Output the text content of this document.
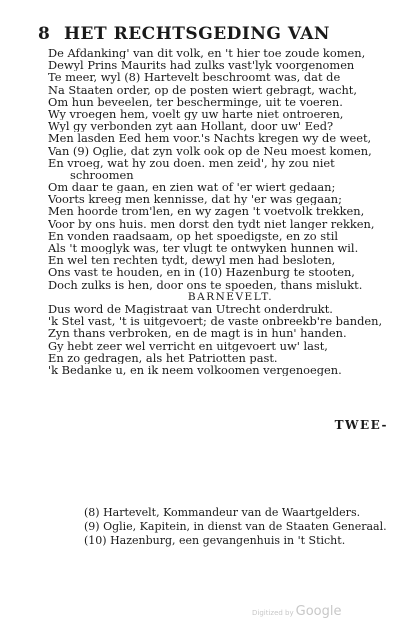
8 HET RECHTSGEDING VAN
De Afdanking' van dit volk, en 't hier toe zoude komen,
Dewyl Prins Maurits had zulks vast'lyk voorgenomen
Te meer, wyl (8) Hartevelt beschroomt was, dat de
Na Staaten order, op de posten wiert gebragt, wacht,
Om hun beveelen, ter bescherminge, uit te voeren.
Wy vroegen hem, voelt gy uw harte niet ontroeren,
Wyl gy verbonden zyt aan Hollant, door uw' Eed?
Men lasden Eed hem voor.'s Nachts kregen wy de weet,
Van (9) Oglie, dat zyn volk ook op de Neu moest komen,
En vroeg, wat hy zou doen. men zeid', hy zou niet
schroomen
Om daar te gaan, en zien wat of 'er wiert gedaan;
Voorts kreeg men kennisse, dat hy 'er was gegaan;
Men hoorde trom'len, en wy zagen 't voetvolk trekken,
Voor by ons huis. men dorst den tydt niet langer rekken,
En vonden raadsaam, op het spoedigste, en zo stil
Als 't mooglyk was, ter vlugt te ontwyken hunnen wil.
En wel ten rechten tydt, dewyl men had besloten,
Ons vast te houden, en in (10) Hazenburg te stooten,
Doch zulks is hen, door ons te spoeden, thans mislukt.
BARNEVELT.
Dus word de Magistraat van Utrecht onderdrukt.
'k Stel vast, 't is uitgevoert; de vaste onbreekb're banden,
Zyn thans verbroken, en de magt is in hun' handen.
Gy hebt zeer wel verricht en uitgevoert uw' last,
En zo gedragen, als het Patriotten past.
'k Bedanke u, en ik neem volkoomen vergenoegen.
TWEE-
(8) Hartevelt, Kommandeur van de Waartgelders.
(9) Oglie, Kapitein, in dienst van de Staaten Generaal.
(10) Hazenburg, een gevangenhuis in 't Sticht.
Digitized by Google
